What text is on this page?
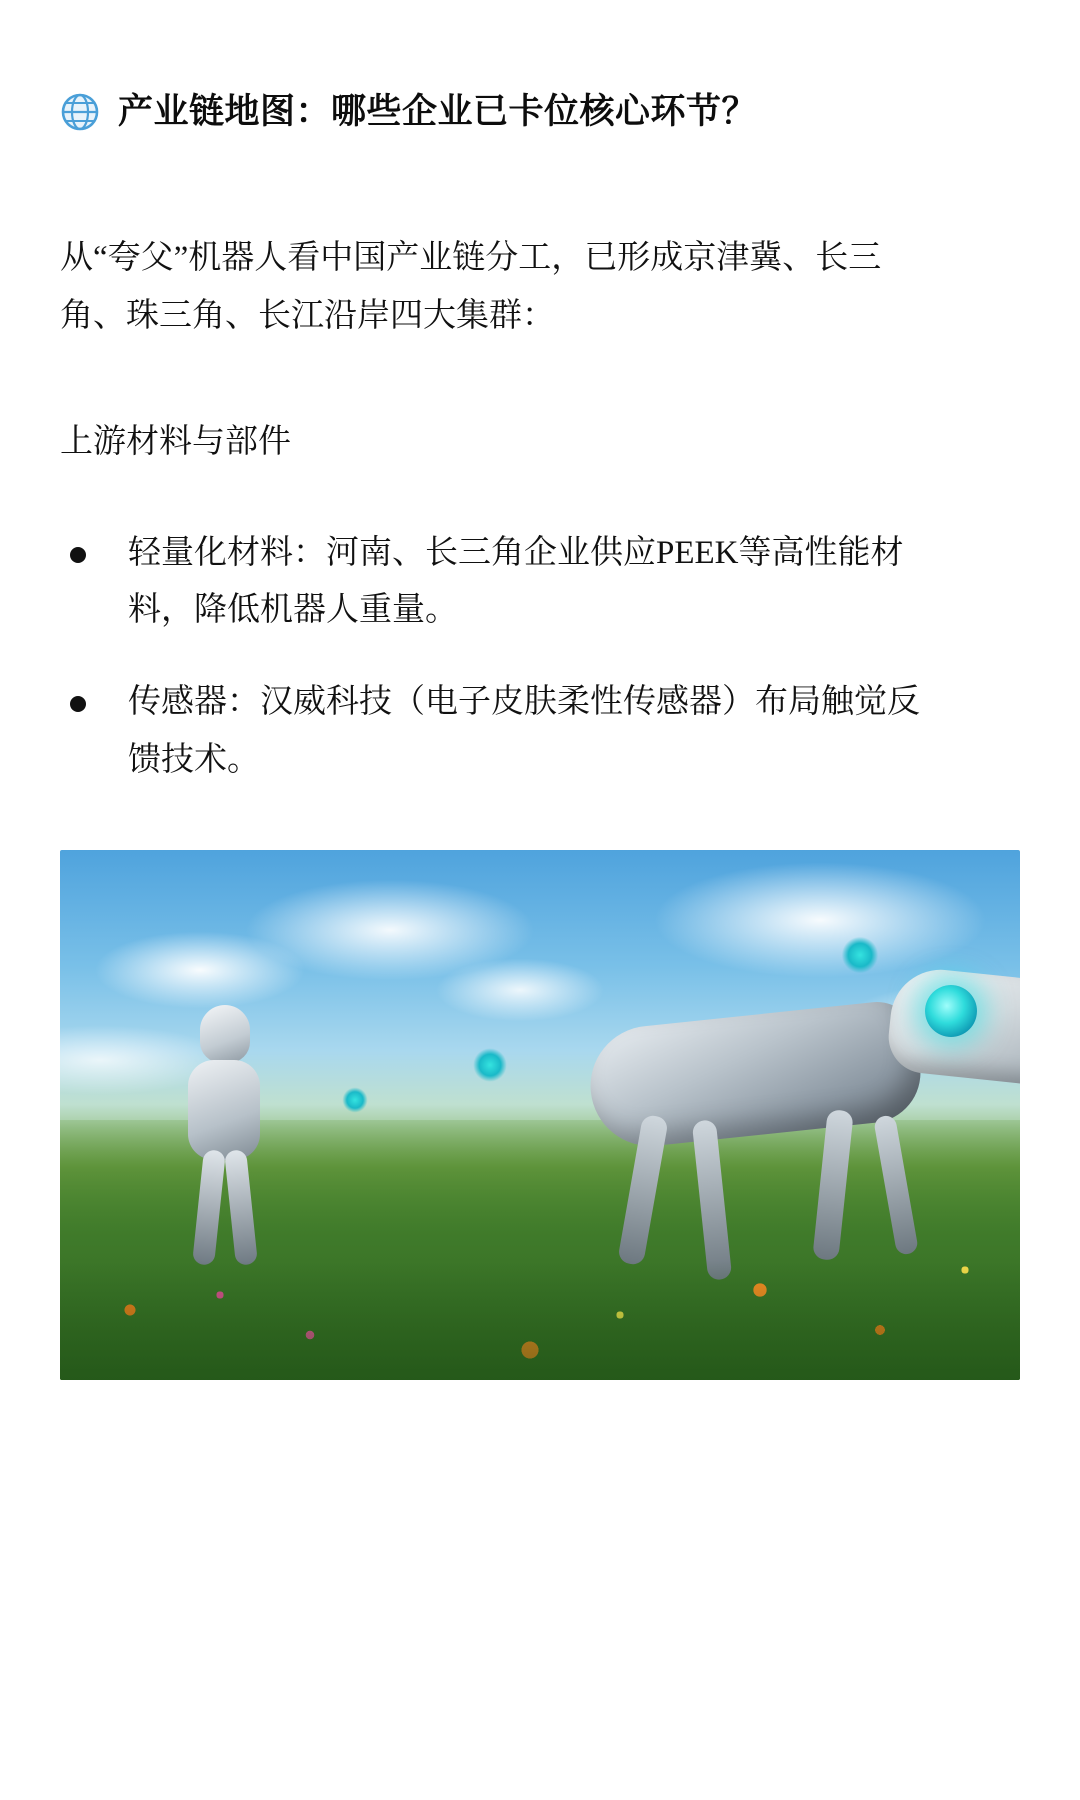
产业链地图：哪些企业已卡位核心环节？

从“夸父”机器人看中国产业链分工，已形成京津冀、长三角、珠三角、长江沿岸四大集群：

上游材料与部件

轻量化材料：河南、长三角企业供应PEEK等高性能材料，降低机器人重量。
传感器：汉威科技（电子皮肤柔性传感器）布局触觉反馈技术。
